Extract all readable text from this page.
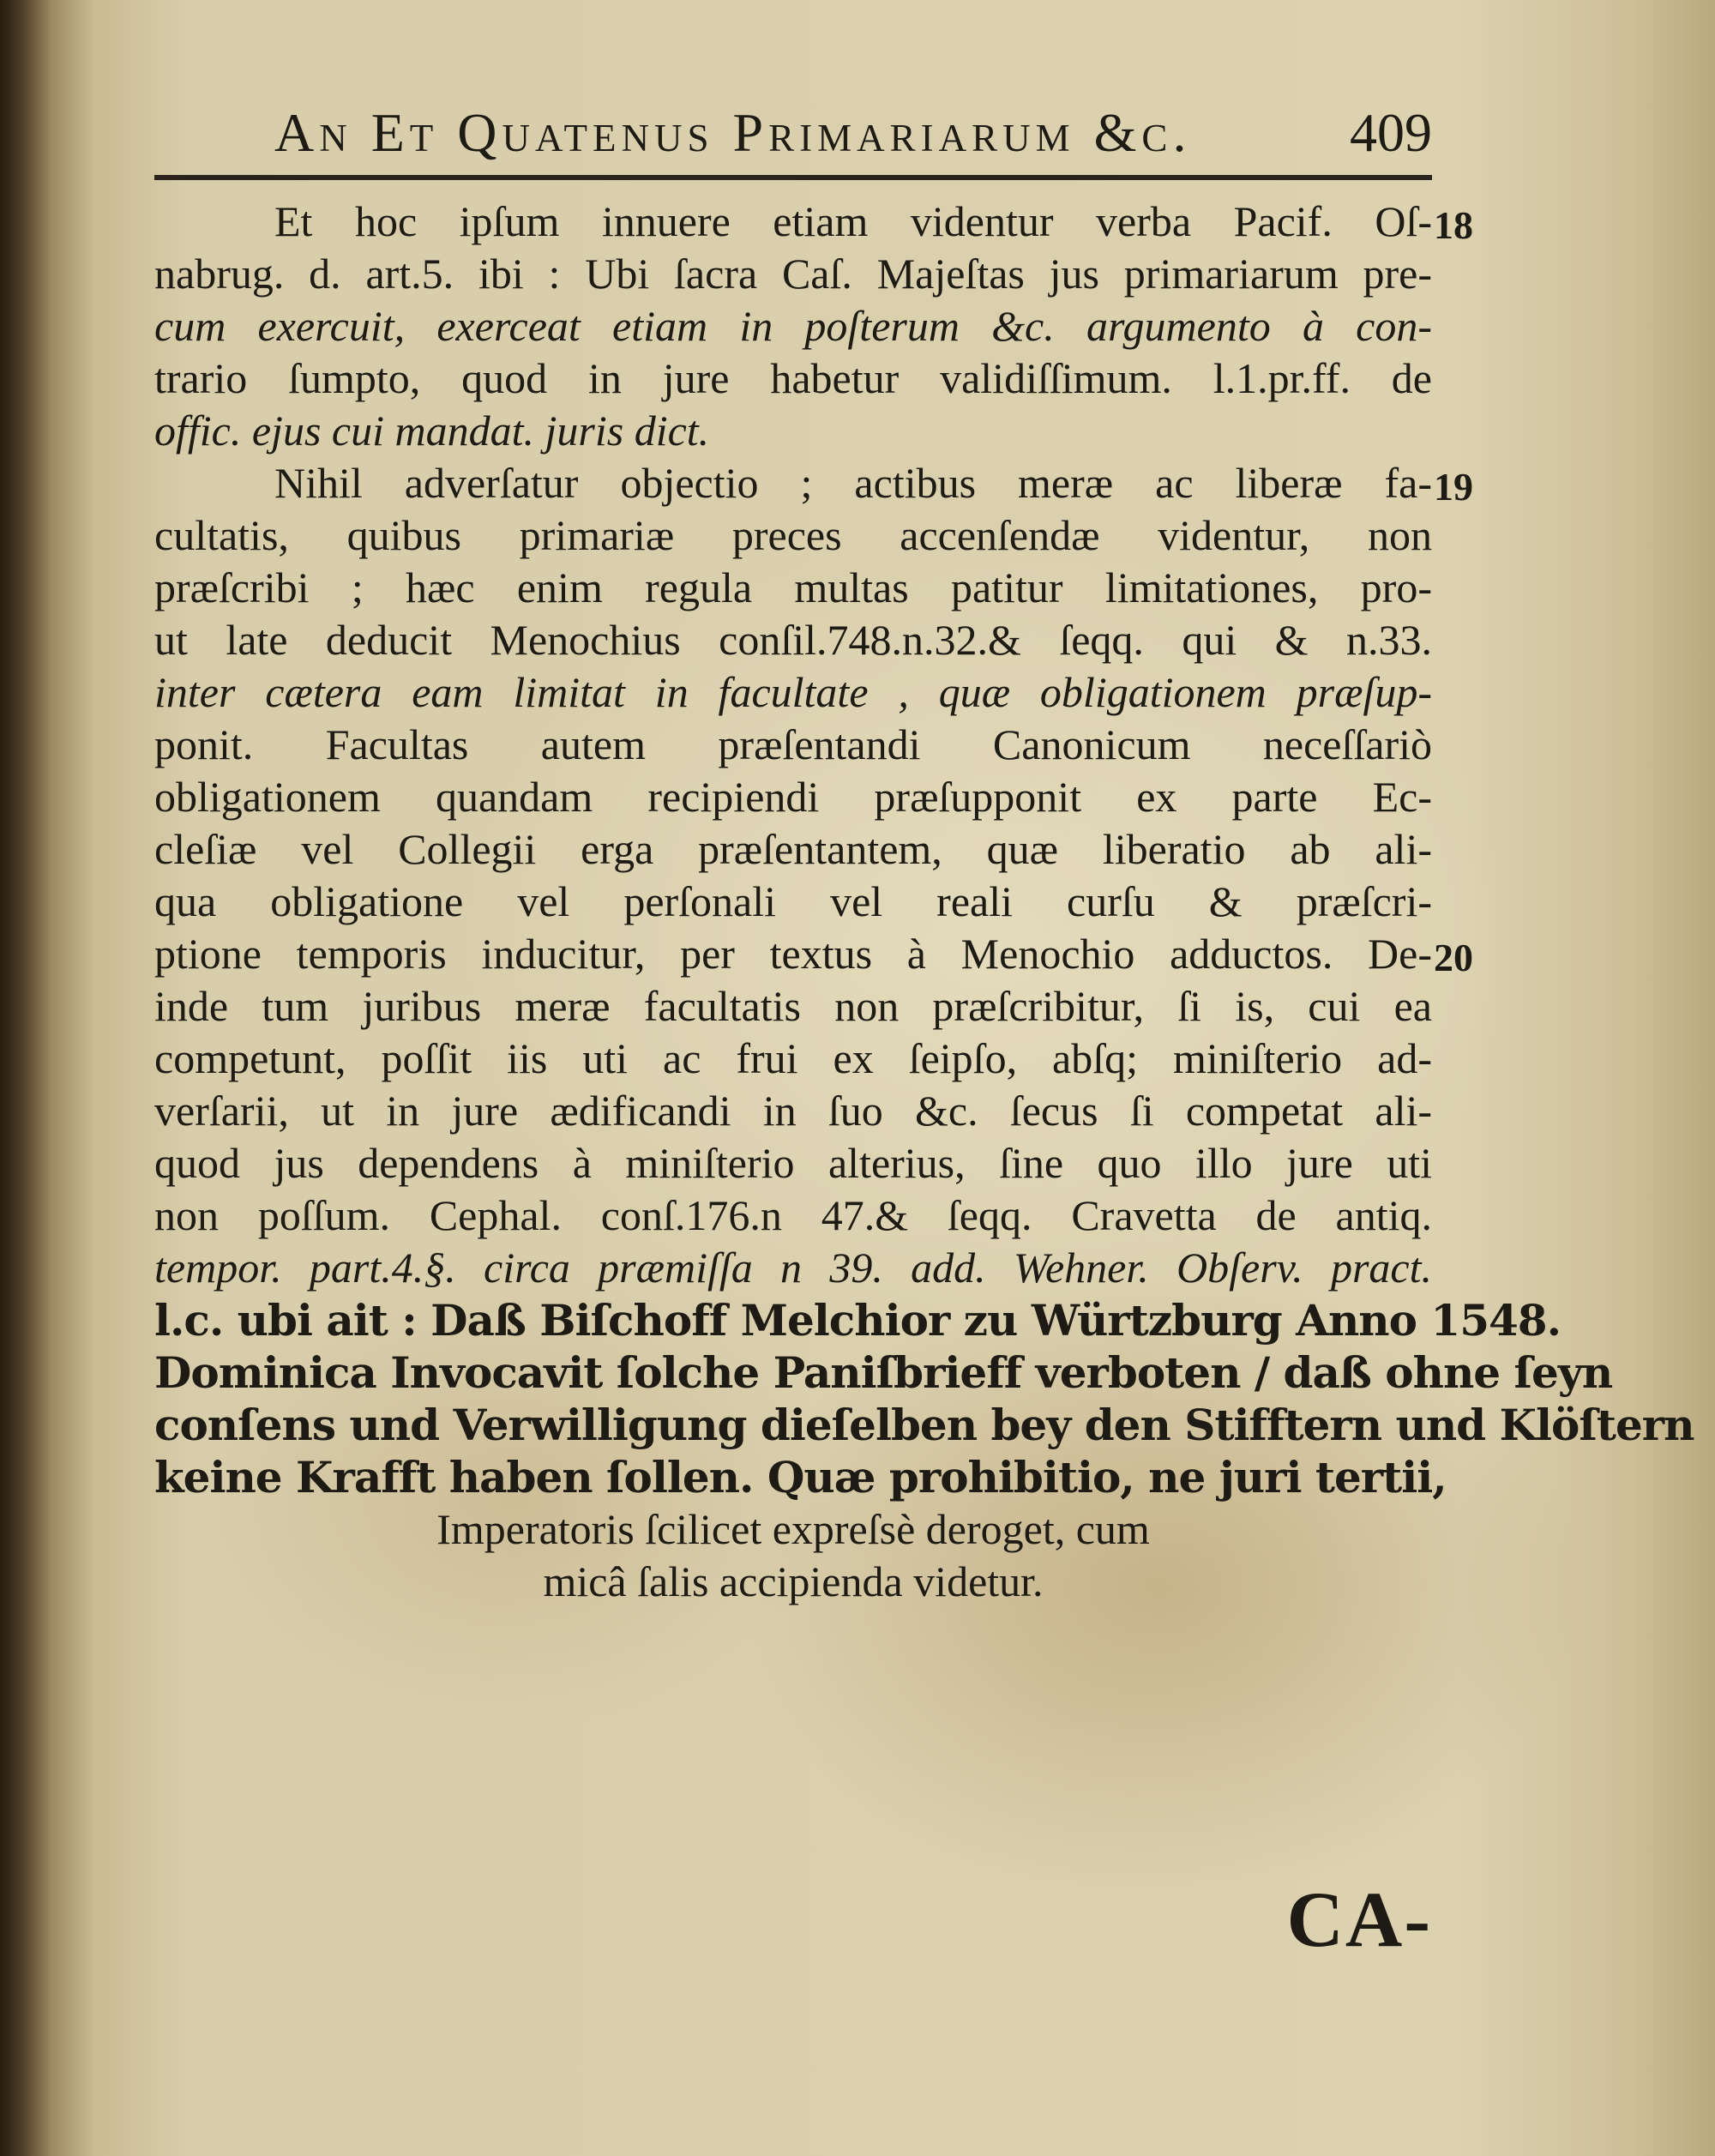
An Et Quatenus Primariarum &c.	409
18
19
20
Et hoc ipſum innuere etiam videntur verba Pacif. Oſ-
nabrug. d. art.5. ibi : Ubi ſacra Caſ. Majeſtas jus primariarum pre-
cum exercuit, exerceat etiam in poſterum &c. argumento à con-
trario ſumpto, quod in jure habetur validiſſimum. l.1.pr.ff. de
offic. ejus cui mandat. juris dict.
Nihil adverſatur objectio ; actibus meræ ac liberæ fa-
cultatis, quibus primariæ preces accenſendæ videntur, non
præſcribi ; hæc enim regula multas patitur limitationes, pro-
ut late deducit Menochius conſil.748.n.32.& ſeqq. qui & n.33.
inter cætera eam limitat in facultate , quæ obligationem præſup-
ponit. Facultas autem præſentandi Canonicum neceſſariò
obligationem quandam recipiendi præſupponit ex parte Ec-
cleſiæ vel Collegii erga præſentantem, quæ liberatio ab ali-
qua obligatione vel perſonali vel reali curſu & præſcri-
ptione temporis inducitur, per textus à Menochio adductos. De-
inde tum juribus meræ facultatis non præſcribitur, ſi is, cui ea
competunt, poſſit iis uti ac frui ex ſeipſo, abſq; miniſterio ad-
verſarii, ut in jure ædificandi in ſuo &c. ſecus ſi competat ali-
quod jus dependens à miniſterio alterius, ſine quo illo jure uti
non poſſum. Cephal. conſ.176.n 47.& ſeqq. Cravetta de antiq.
tempor. part.4.§. circa præmiſſa n 39. add. Wehner. Obſerv. pract.
l.c. ubi ait : Daß Biſchoff Melchior zu Würtzburg Anno 1548.
Dominica Invocavit ſolche Paniſbrieff verboten / daß ohne ſeyn
conſens und Verwilligung dieſelben bey den Stifftern und Klöſtern
keine Krafft haben ſollen. Quæ prohibitio, ne juri tertii,
Imperatoris ſcilicet expreſsè deroget, cum
micâ ſalis accipienda videtur.
CA-
